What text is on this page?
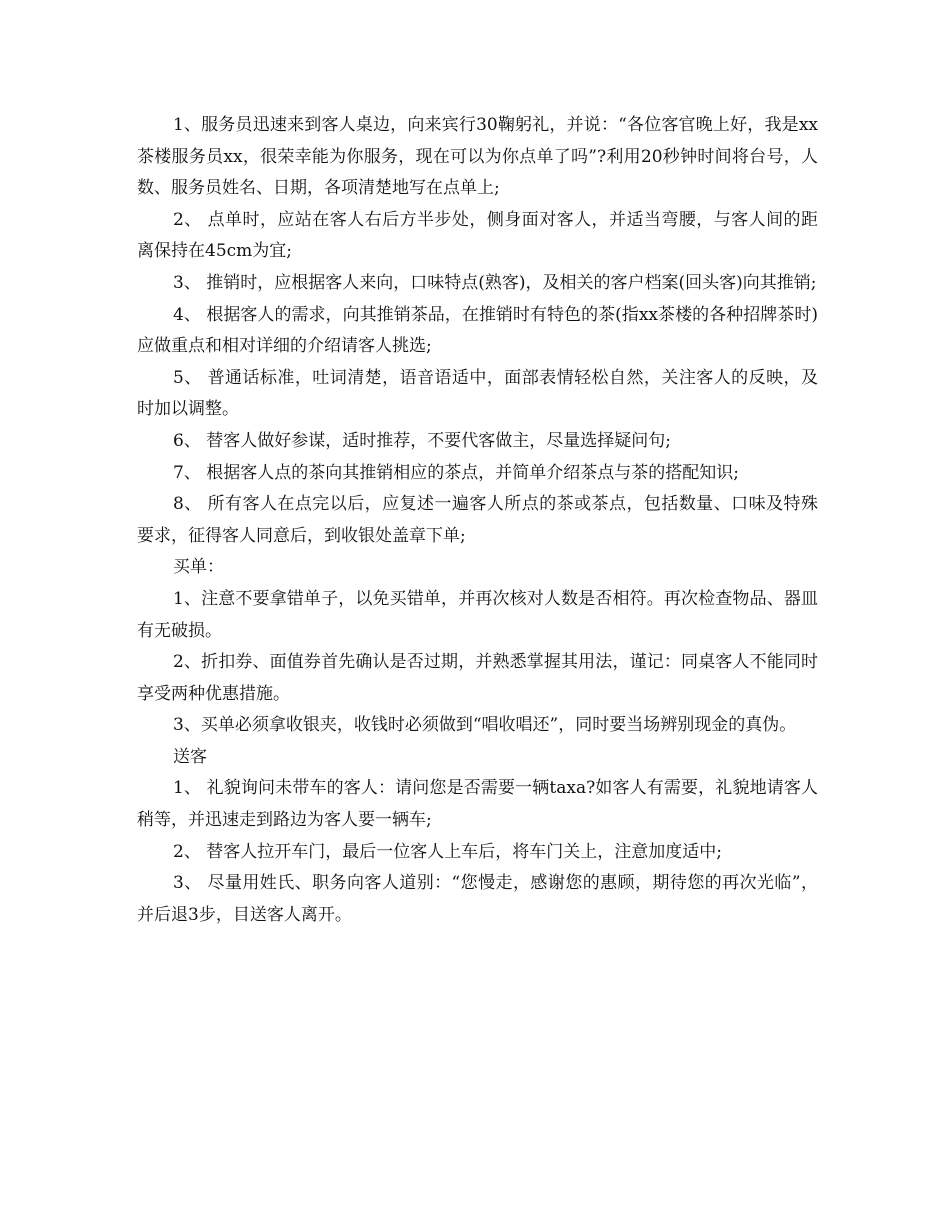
1、服务员迅速来到客人桌边，向来宾行30鞠躬礼，并说：“各位客官晚上好，我是xx茶楼服务员xx，很荣幸能为你服务，现在可以为你点单了吗”?利用20秒钟时间将台号，人数、服务员姓名、日期，各项清楚地写在点单上;

2、 点单时，应站在客人右后方半步处，侧身面对客人，并适当弯腰，与客人间的距离保持在45cm为宜;

3、 推销时，应根据客人来向，口味特点(熟客)，及相关的客户档案(回头客)向其推销;

4、 根据客人的需求，向其推销茶品，在推销时有特色的茶(指xx茶楼的各种招牌茶时)应做重点和相对详细的介绍请客人挑选;

5、 普通话标准，吐词清楚，语音语适中，面部表情轻松自然，关注客人的反映，及时加以调整。

6、 替客人做好参谋，适时推荐，不要代客做主，尽量选择疑问句;

7、 根据客人点的茶向其推销相应的茶点，并简单介绍茶点与茶的搭配知识;

8、 所有客人在点完以后，应复述一遍客人所点的茶或茶点，包括数量、口味及特殊要求，征得客人同意后，到收银处盖章下单;

买单：

1、注意不要拿错单子，以免买错单，并再次核对人数是否相符。再次检查物品、器皿有无破损。

2、折扣券、面值券首先确认是否过期，并熟悉掌握其用法，谨记：同桌客人不能同时享受两种优惠措施。

3、买单必须拿收银夹，收钱时必须做到“唱收唱还”，同时要当场辨别现金的真伪。

送客

1、 礼貌询问未带车的客人：请问您是否需要一辆taxa?如客人有需要，礼貌地请客人稍等，并迅速走到路边为客人要一辆车;

2、 替客人拉开车门，最后一位客人上车后，将车门关上，注意加度适中;

3、 尽量用姓氏、职务向客人道别：“您慢走，感谢您的惠顾，期待您的再次光临”，并后退3步，目送客人离开。
